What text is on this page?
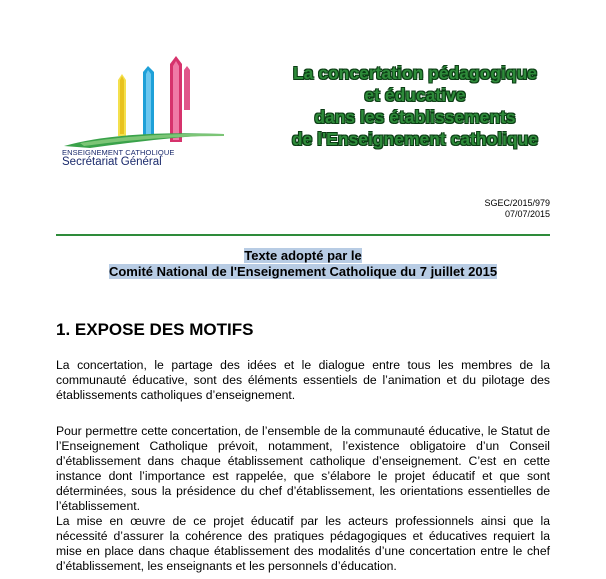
ENSEIGNEMENT CATHOLIQUE
Secrétariat Général
La concertation pédagogique
et éducative
dans les établissements
de l'Enseignement catholique
SGEC/2015/979
07/07/2015
Texte adopté par le
Comité National de l'Enseignement Catholique du 7 juillet 2015
1. EXPOSE DES MOTIFS
La concertation, le partage des idées et le dialogue entre tous les membres de la communauté éducative, sont des éléments essentiels de l’animation et du pilotage des établissements catholiques d’enseignement.
Pour permettre cette concertation, de l’ensemble de la communauté éducative, le Statut de l’Enseignement Catholique prévoit, notamment, l’existence obligatoire d’un Conseil d’établissement dans chaque établissement catholique d’enseignement. C’est en cette instance dont l’importance est rappelée, que s’élabore le projet éducatif et que sont déterminées, sous la présidence du chef d’établissement, les orientations essentielles de l’établissement.
La mise en œuvre de ce projet éducatif par les acteurs professionnels ainsi que la nécessité d’assurer la cohérence des pratiques pédagogiques et éducatives requiert la mise en place dans chaque établissement des modalités d’une concertation entre le chef d’établissement, les enseignants et les personnels d’éducation.
